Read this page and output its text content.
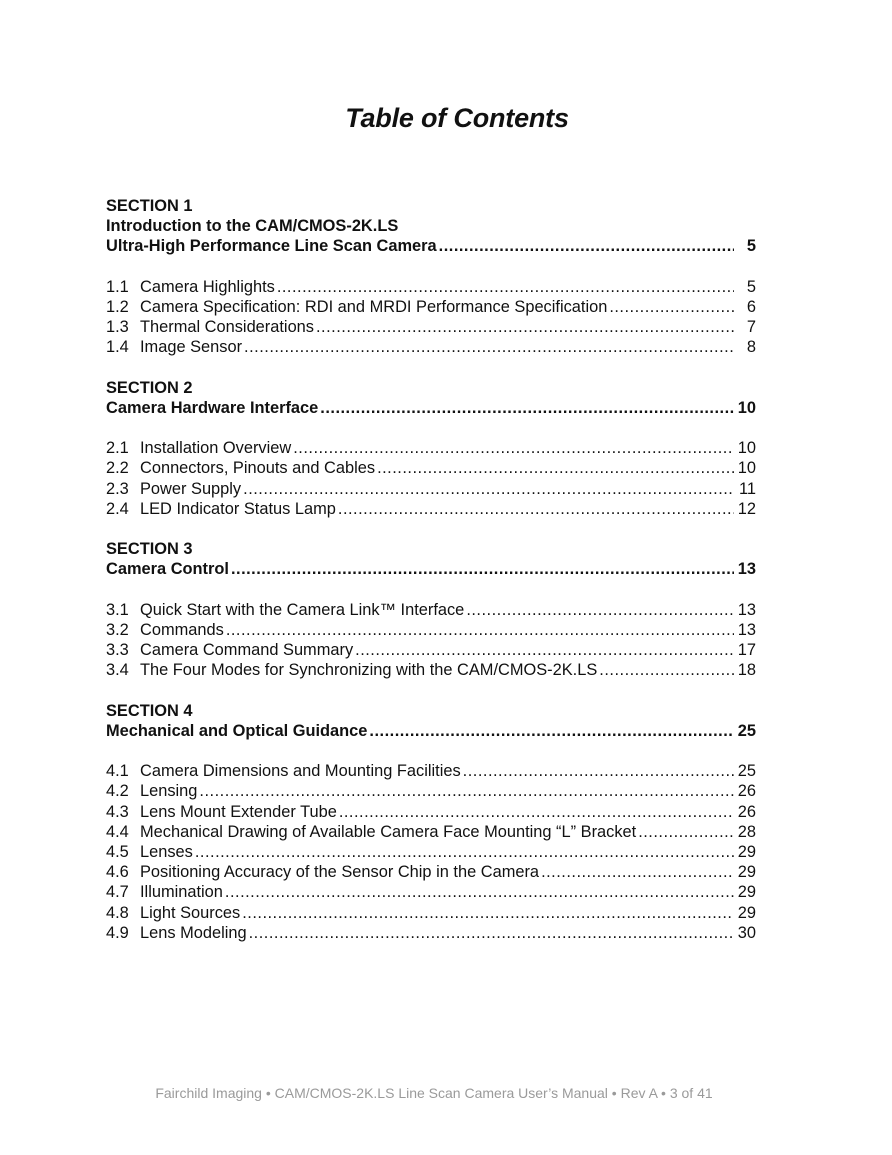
Table of Contents
SECTION 1
Introduction to the CAM/CMOS-2K.LS
Ultra-High Performance Line Scan Camera .....	5
1.1 Camera Highlights .....	5
1.2 Camera Specification: RDI and MRDI Performance Specification .....	6
1.3 Thermal Considerations .....	7
1.4 Image Sensor .....	8
SECTION 2
Camera Hardware Interface .....	10
2.1 Installation Overview .....	10
2.2 Connectors, Pinouts and Cables .....	10
2.3 Power Supply .....	11
2.4 LED Indicator Status Lamp .....	12
SECTION 3
Camera Control .....	13
3.1 Quick Start with the Camera Link™ Interface .....	13
3.2 Commands .....	13
3.3 Camera Command Summary .....	17
3.4 The Four Modes for Synchronizing with the CAM/CMOS-2K.LS .....	18
SECTION 4
Mechanical and Optical Guidance .....	25
4.1 Camera Dimensions and Mounting Facilities .....	25
4.2 Lensing .....	26
4.3 Lens Mount Extender Tube .....	26
4.4 Mechanical Drawing of Available Camera Face Mounting “L” Bracket .....	28
4.5 Lenses .....	29
4.6 Positioning Accuracy of the Sensor Chip in the Camera .....	29
4.7 Illumination .....	29
4.8 Light Sources .....	29
4.9 Lens Modeling .....	30
Fairchild Imaging • CAM/CMOS-2K.LS Line Scan Camera User’s Manual • Rev A • 3 of 41
